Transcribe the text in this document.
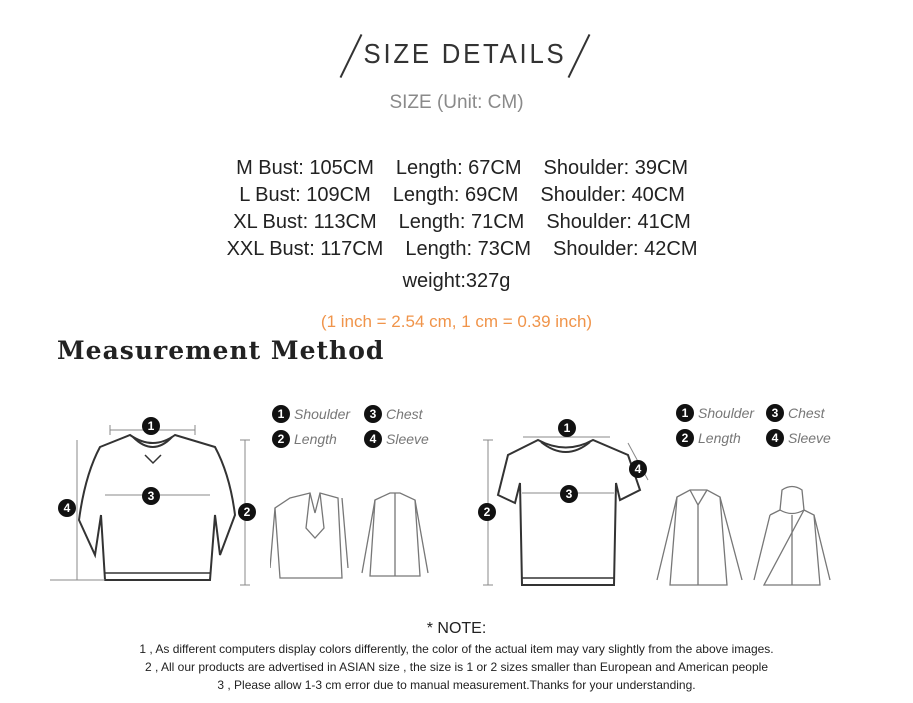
SIZE DETAILS
SIZE (Unit: CM)

M Bust: 105CM Length: 67CM Shoulder: 39CM

L Bust: 109CM Length: 69CM Shoulder: 40CM

XL Bust: 113CM Length: 71CM Shoulder: 41CM

XXL Bust: 117CM Length: 73CM Shoulder: 42CM

weight:327g
(1 inch = 2.54 cm, 1 cm = 0.39 inch)
Measurement Method
1
3
2
4
1 Shoulder	3 Chest
2 Length	4 Sleeve
1
3
2
4
1 Shoulder	3 Chest
2 Length	4 Sleeve
* NOTE:
1 , As different computers display colors differently, the color of the actual item may vary slightly from the above images.
2 , All our products are advertised in ASIAN size , the size is 1 or 2 sizes smaller than European and American people
3 , Please allow 1-3 cm error due to manual measurement.Thanks for your understanding.
